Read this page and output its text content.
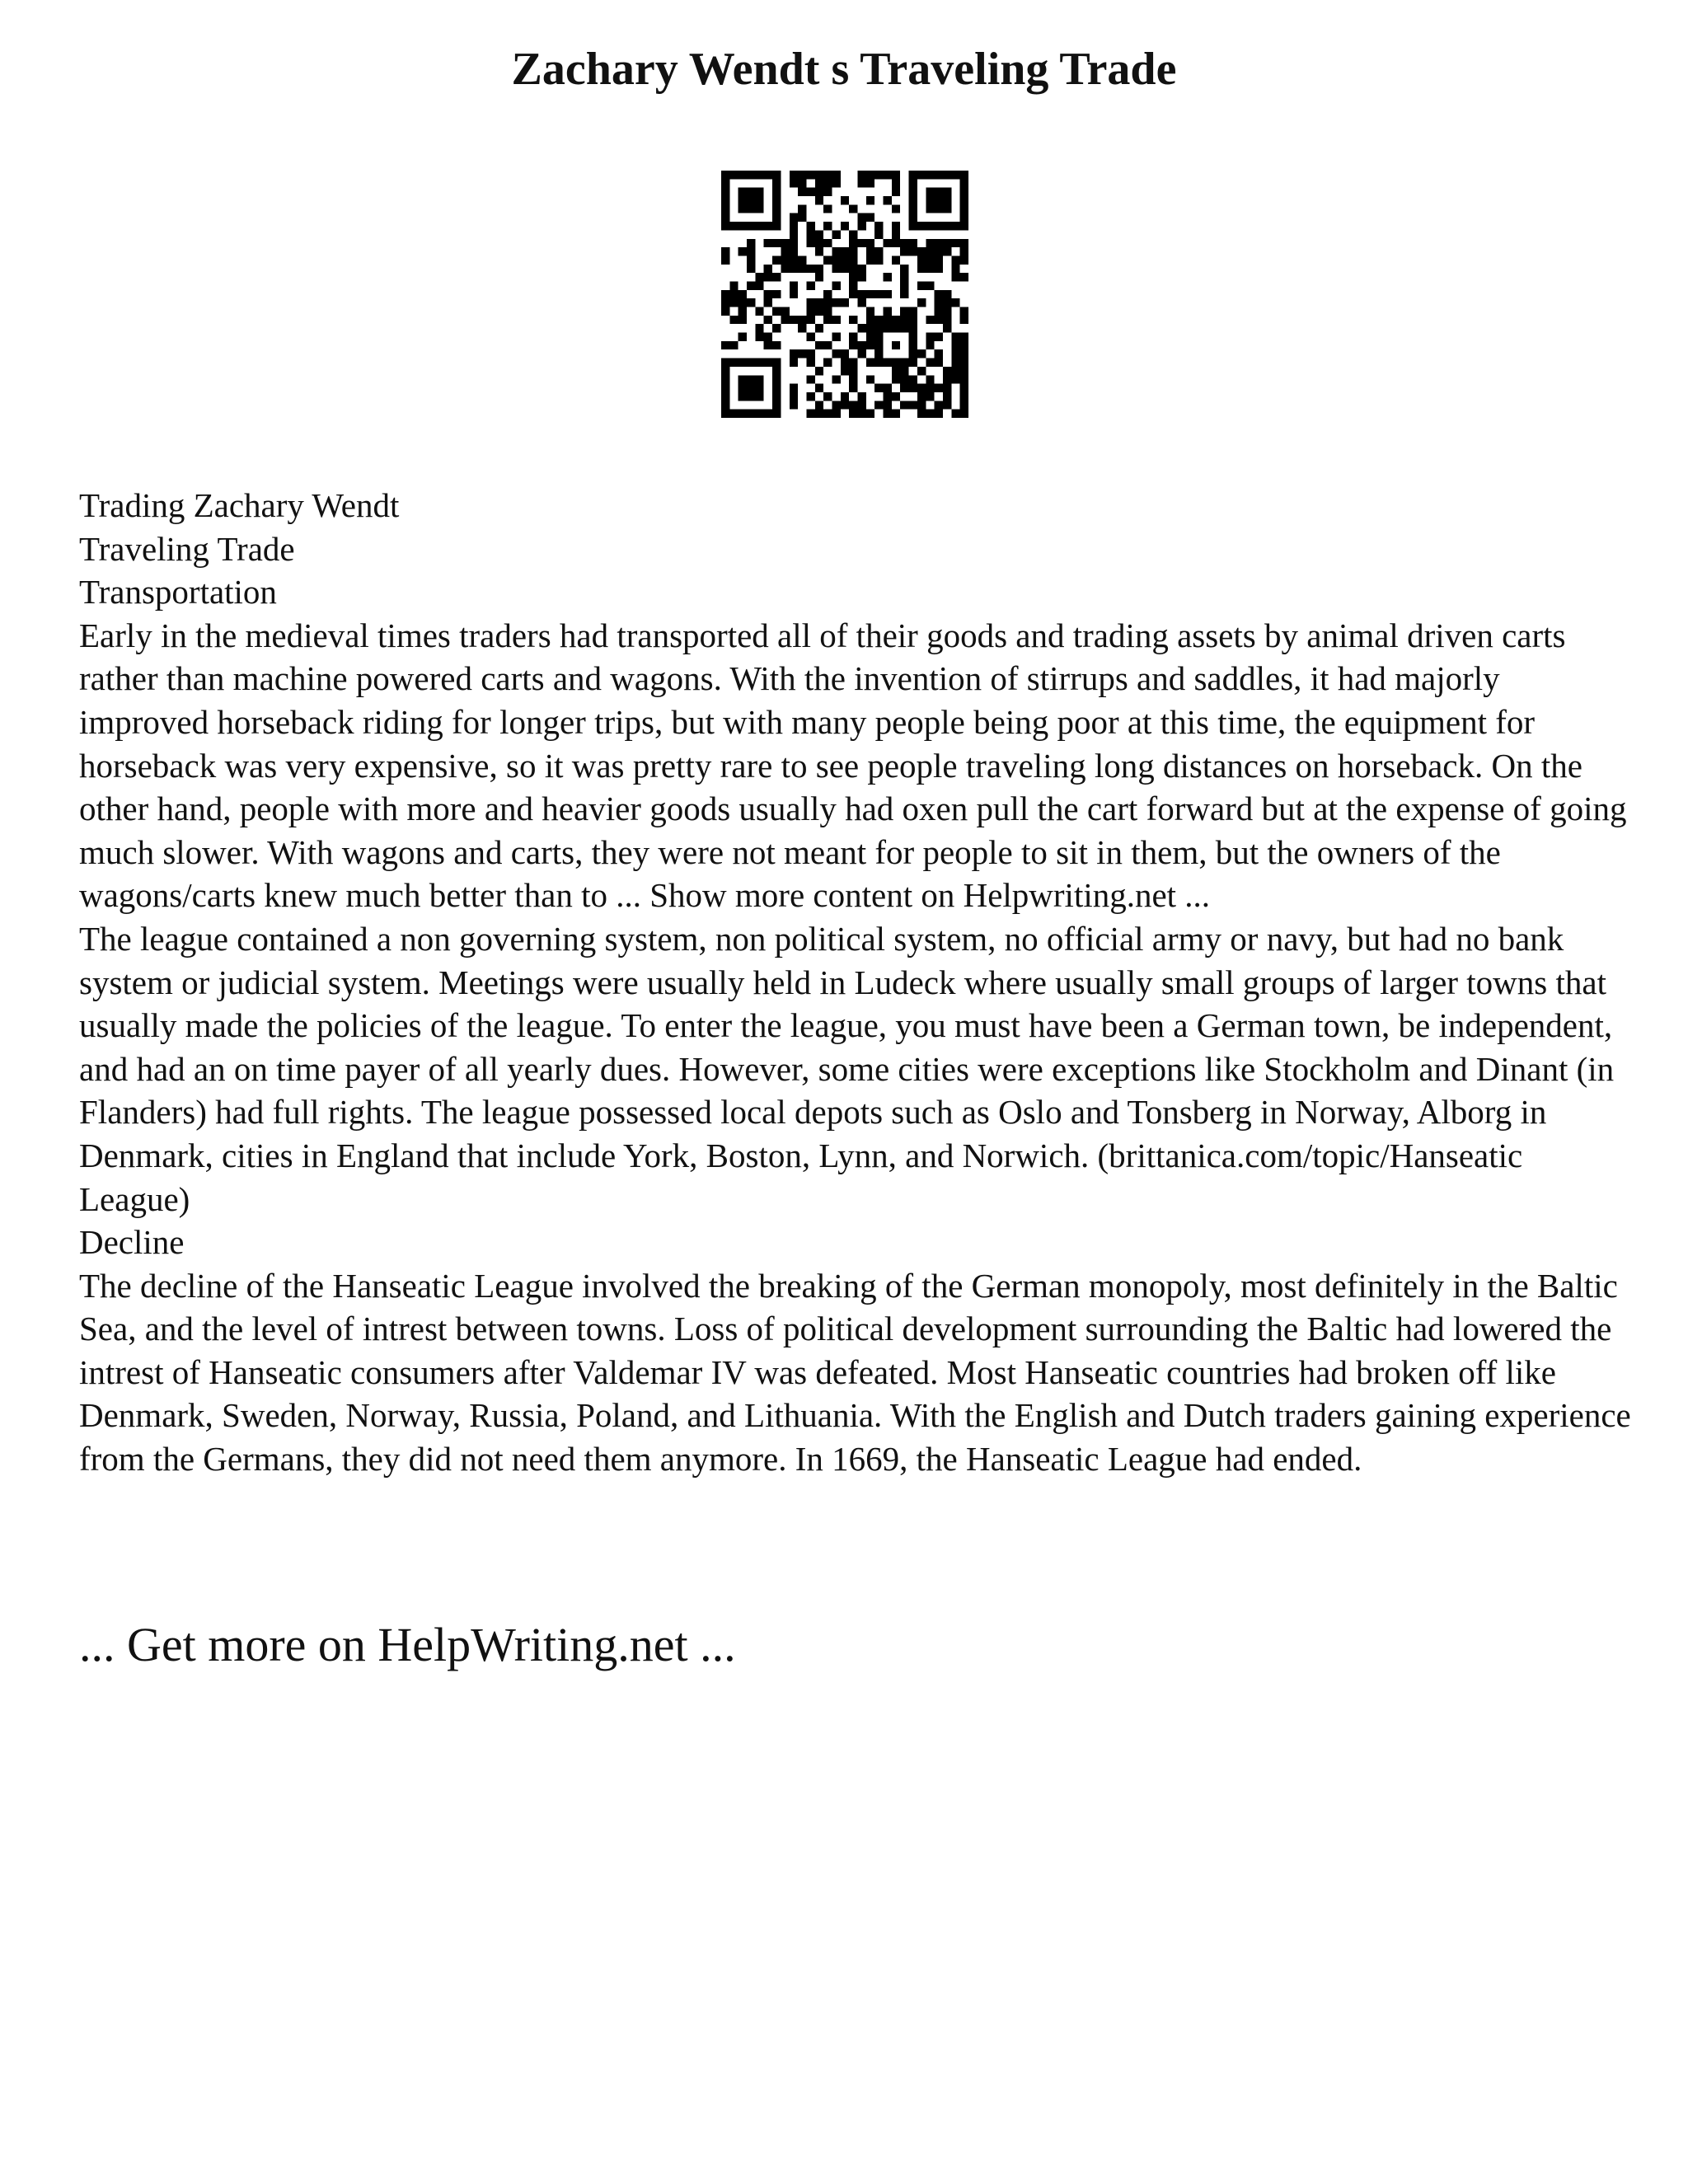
Zachary Wendt s Traveling Trade
Trading Zachary Wendt
Traveling Trade
Transportation
Early in the medieval times traders had transported all of their goods and trading assets by animal driven carts rather than machine powered carts and wagons. With the invention of stirrups and saddles, it had majorly improved horseback riding for longer trips, but with many people being poor at this time, the equipment for horseback was very expensive, so it was pretty rare to see people traveling long distances on horseback. On the other hand, people with more and heavier goods usually had oxen pull the cart forward but at the expense of going much slower. With wagons and carts, they were not meant for people to sit in them, but the owners of the wagons/carts knew much better than to ... Show more content on Helpwriting.net ...
The league contained a non governing system, non political system, no official army or navy, but had no bank system or judicial system. Meetings were usually held in Ludeck where usually small groups of larger towns that usually made the policies of the league. To enter the league, you must have been a German town, be independent, and had an on time payer of all yearly dues. However, some cities were exceptions like Stockholm and Dinant (in Flanders) had full rights. The league possessed local depots such as Oslo and Tonsberg in Norway, Alborg in Denmark, cities in England that include York, Boston, Lynn, and Norwich. (brittanica.com/topic/Hanseatic League)
Decline
The decline of the Hanseatic League involved the breaking of the German monopoly, most definitely in the Baltic Sea, and the level of intrest between towns. Loss of political development surrounding the Baltic had lowered the intrest of Hanseatic consumers after Valdemar IV was defeated. Most Hanseatic countries had broken off like Denmark, Sweden, Norway, Russia, Poland, and Lithuania. With the English and Dutch traders gaining experience from the Germans, they did not need them anymore. In 1669, the Hanseatic League had ended.

... Get more on HelpWriting.net ...
